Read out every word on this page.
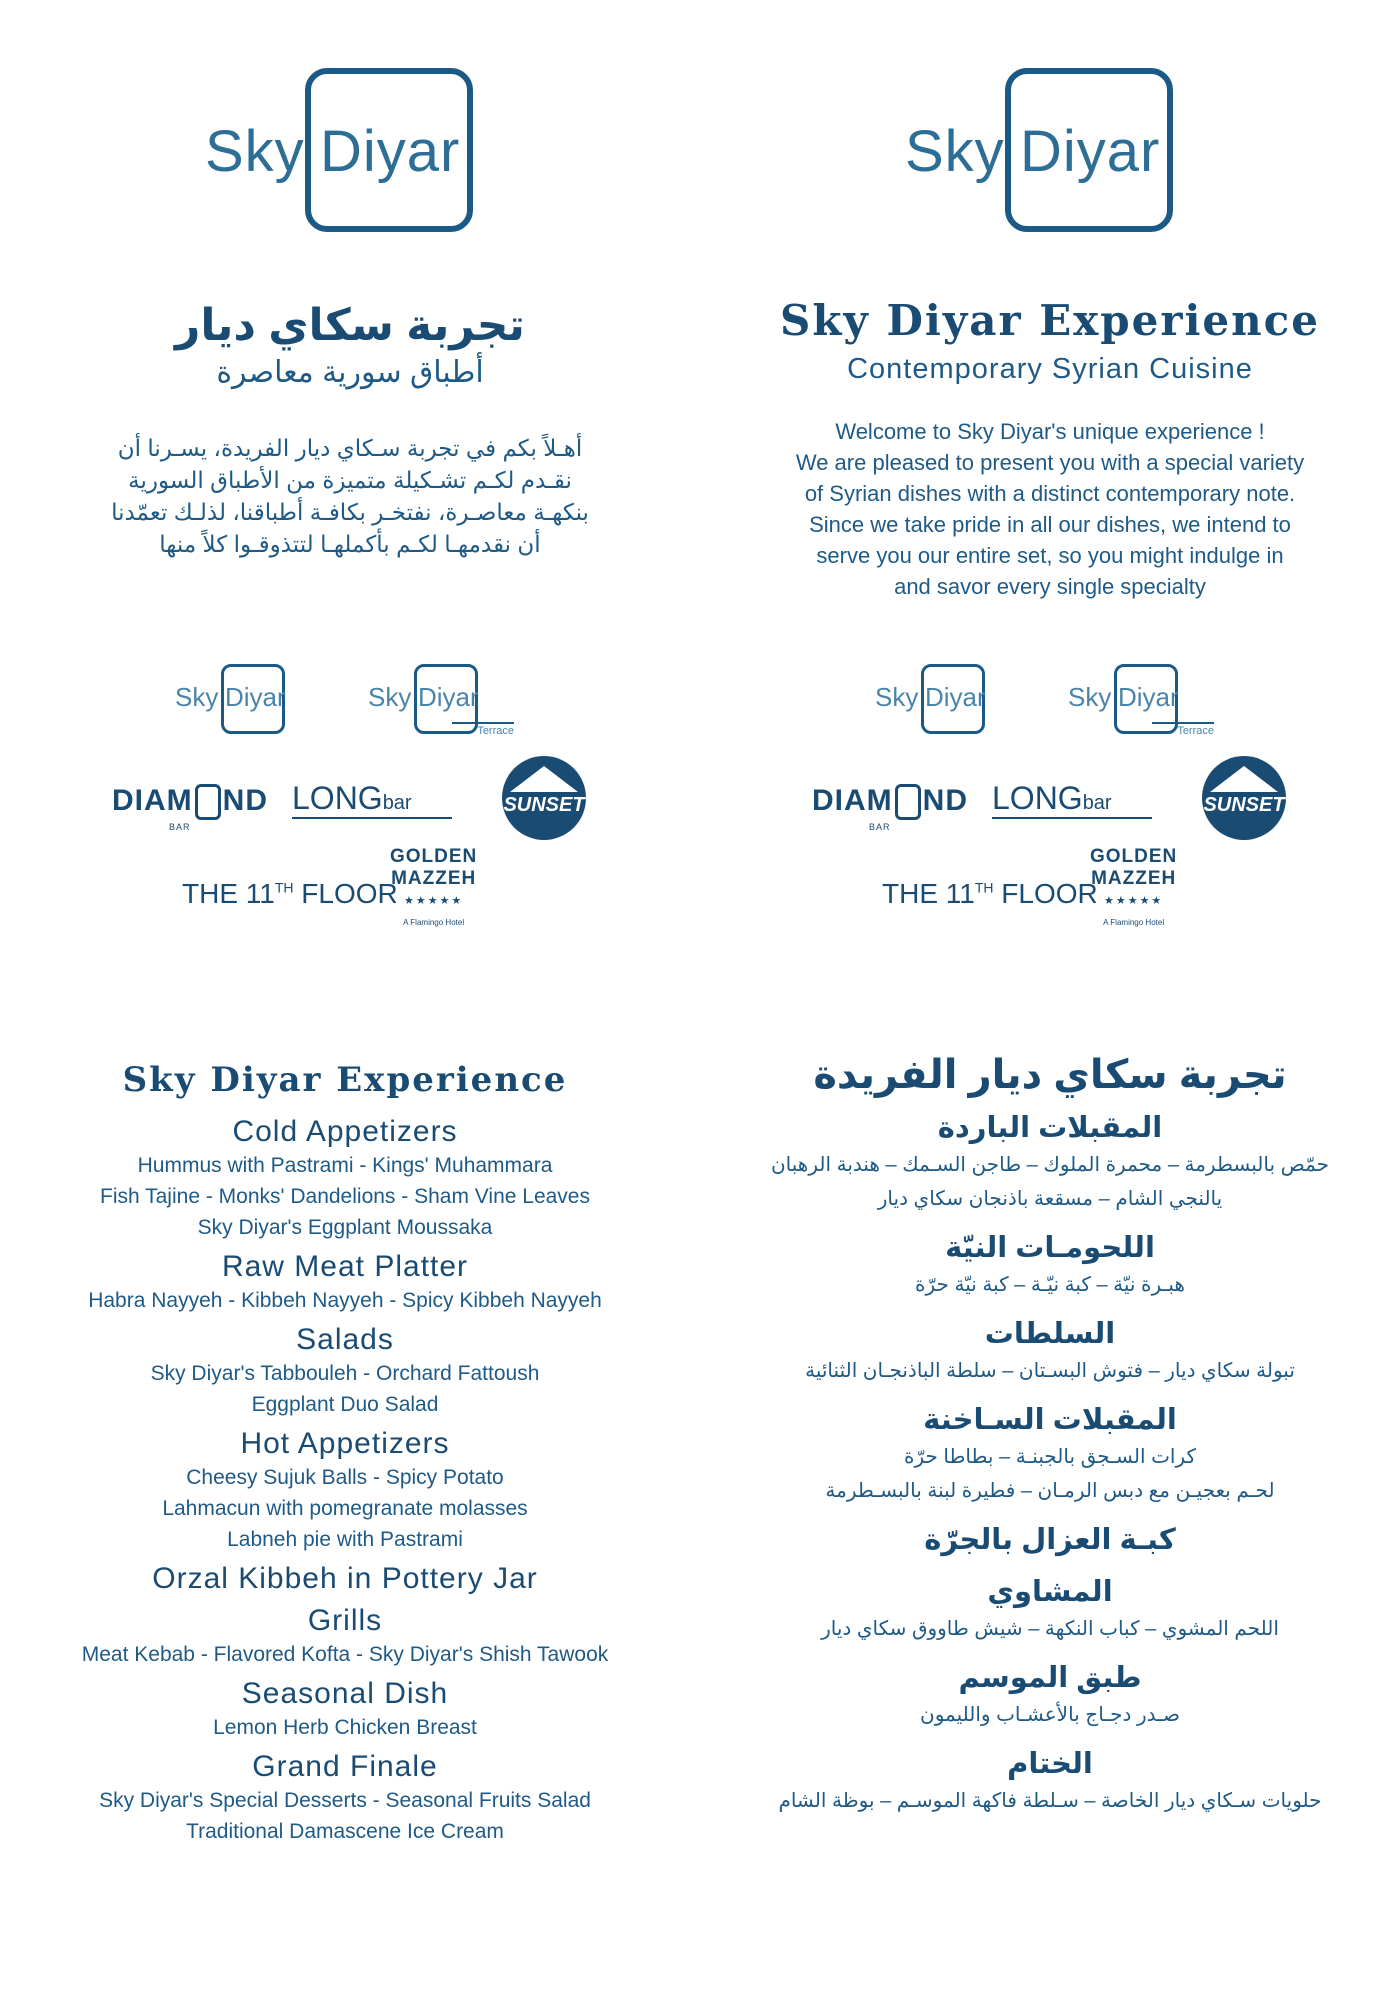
Sky Diyar
تجربة سكاي ديار
أطباق سورية معاصرة
أهـلاً بكم في تجربة سـكاي ديار الفريدة، يسـرنا أن
نقـدم لكـم تشـكيلة متميزة من الأطباق السورية
بنكهـة معاصـرة، نفتخـر بكافـة أطباقنا، لذلـك تعمّدنا
أن نقدمهـا لكـم بأكملهـا لتتذوقـوا كلاً منها
Sky Diyar	Sky Diyar
Terrace
DIAM ND
BAR
LONGbar	SUNSET
Party
THE 11TH FLOOR
GOLDEN
MAZZEH
★★★★★
A Flamingo Hotel
Sky Diyar
Sky Diyar Experience
Contemporary Syrian Cuisine
Welcome to Sky Diyar's unique experience !
We are pleased to present you with a special variety
of Syrian dishes with a distinct contemporary note.
Since we take pride in all our dishes, we intend to
serve you our entire set, so you might indulge in
and savor every single specialty
Sky Diyar	Sky Diyar
Terrace
DIAM ND
BAR
LONGbar	SUNSET
Party
THE 11TH FLOOR
GOLDEN
MAZZEH
★★★★★
A Flamingo Hotel
Sky Diyar Experience
Cold Appetizers

Hummus with Pastrami - Kings' Muhammara

Fish Tajine - Monks' Dandelions - Sham Vine Leaves

Sky Diyar's Eggplant Moussaka

Raw Meat Platter

Habra Nayyeh - Kibbeh Nayyeh - Spicy Kibbeh Nayyeh

Salads

Sky Diyar's Tabbouleh - Orchard Fattoush

Eggplant Duo Salad

Hot Appetizers

Cheesy Sujuk Balls - Spicy Potato

Lahmacun with pomegranate molasses

Labneh pie with Pastrami

Orzal Kibbeh in Pottery Jar
Grills

Meat Kebab - Flavored Kofta - Sky Diyar's Shish Tawook

Seasonal Dish

Lemon Herb Chicken Breast

Grand Finale

Sky Diyar's Special Desserts - Seasonal Fruits Salad

Traditional Damascene Ice Cream

تجربة سكاي ديار الفريدة
المقبلات الباردة

حمّص بالبسطرمة – محمرة الملوك – طاجن السـمك – هندبة الرهبان

يالنجي الشام – مسقعة باذنجان سكاي ديار

اللحومـات النيّة

هبـرة نيّة – كبة نيّـة – كبة نيّة حرّة

السلطات

تبولة سكاي ديار – فتوش البسـتان – سلطة الباذنجـان الثنائية

المقبلات السـاخنة

كرات السـجق بالجبنـة – بطاطا حرّة

لحـم بعجيـن مع دبس الرمـان – فطيرة لبنة بالبسـطرمة

كبـة العزال بالجرّة
المشاوي

اللحم المشوي – كباب النكهة – شيش طاووق سكاي ديار

طبق الموسم

صـدر دجـاج بالأعشـاب والليمون

الختام

حلويات سـكاي ديار الخاصة – سـلطة فاكهة الموسـم – بوظة الشام
